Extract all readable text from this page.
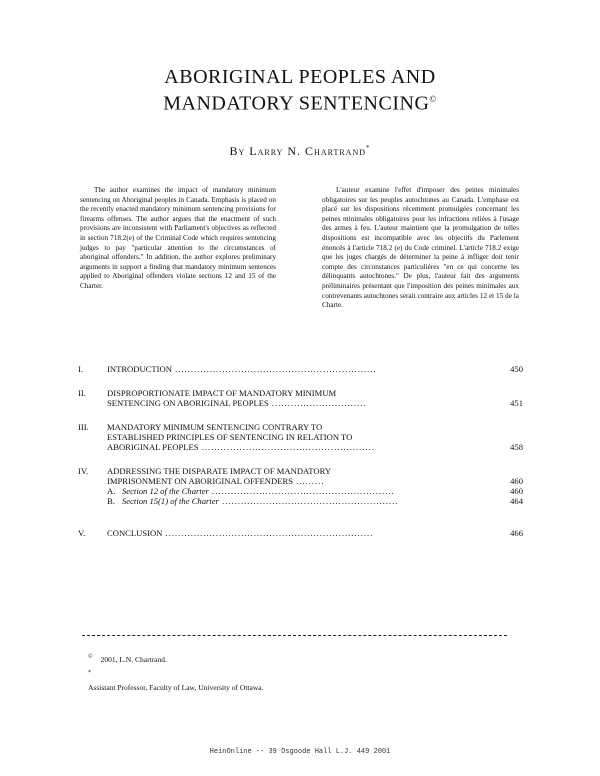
ABORIGINAL PEOPLES AND
MANDATORY SENTENCING©
By Larry N. Chartrand*
The author examines the impact of mandatory minimum sentencing on Aboriginal peoples in Canada. Emphasis is placed on the recently enacted mandatory minimum sentencing provisions for firearms offenses. The author argues that the enactment of such provisions are inconsistent with Parliament's objectives as reflected in section 718.2(e) of the Criminal Code which requires sentencing judges to pay "particular attention to the circumstances of aboriginal offenders." In addition, the author explores preliminary arguments in support a finding that mandatory minimum sentences applied to Aboriginal offenders violate sections 12 and 15 of the Charter.
L'auteur examine l'effet d'imposer des peines minimales obligatoires sur les peuples autochtones au Canada. L'emphase est placé sur les dispositions récemment promulgées concernant les peines minimales obligatoires pour les infractions reliées à l'usage des armes à feu. L'auteur maintient que la promulgation de telles dispositions est incompatible avec les objectifs du Parlement énoncés à l'article 718.2 (e) du Code criminel. L'article 718.2 exige que les juges chargés de déterminer la peine à infliger doit tenir compte des circonstances particulières "en ce qui concerne les délinquants autochtones." De plus, l'auteur fait des arguments préliminaires présentant que l'imposition des peines minimales aux contrevenants autochtones serait contraire aux articles 12 et 15 de la Charte.
I.	INTRODUCTION ................................................................	450
II. DISPROPORTIONATE IMPACT OF MANDATORY MINIMUM
SENTENCING ON ABORIGINAL PEOPLES ..............................	451
III. MANDATORY MINIMUM SENTENCING CONTRARY TO
ESTABLISHED PRINCIPLES OF SENTENCING IN RELATION TO
ABORIGINAL PEOPLES .......................................................	458
IV. ADDRESSING THE DISPARATE IMPACT OF MANDATORY
IMPRISONMENT ON ABORIGINAL OFFENDERS .........	460
A. Section 12 of the Charter ..........................................................	460
B. Section 15(1) of the Charter ........................................................	464
V.	CONCLUSION ..................................................................	466
© 2001, L.N. Chartrand.
*
Assistant Professor, Faculty of Law, University of Ottawa.
HeinOnline -- 39 Osgoode Hall L.J. 449 2001
